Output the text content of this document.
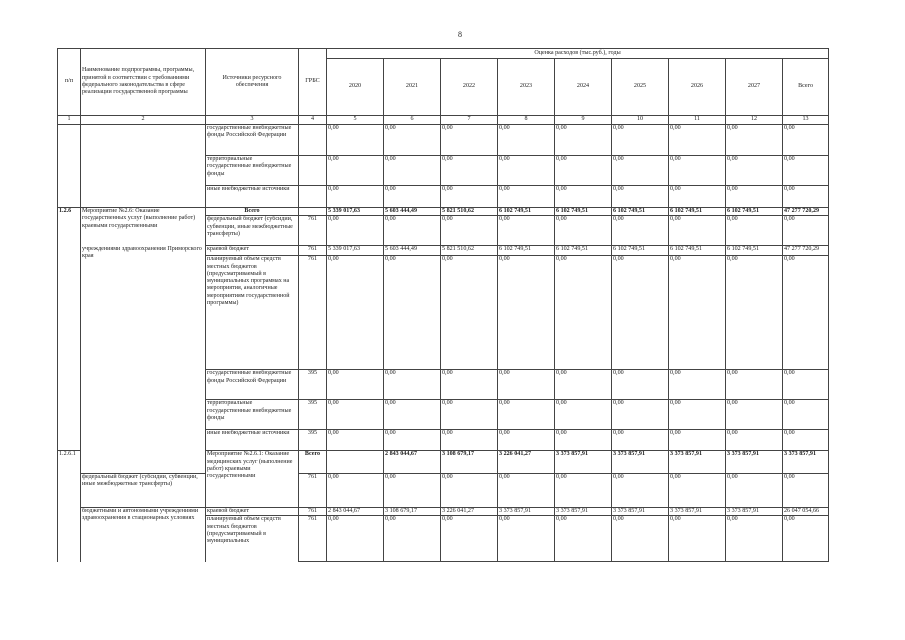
8
п/п	Наименование подпрограммы, программы, принятой в соответствии с требованиями федерального законодательства в сфере реализации государственной программы	Источники ресурсного обеспечения	ГРБС	Оценка расходов (тыс.руб.), годы									
				2020	2021	2022	2023	2024	2025	2026	2027	Всего	
1	2	3	4	5	6	7	8	9	10	11	12	13	
		государственные внебюджетные фонды Российской Федерации		0,00	0,00	0,00	0,00	0,00	0,00	0,00	0,00	0,00	
		территориальные государственные внебюджетные фонды		0,00	0,00	0,00	0,00	0,00	0,00	0,00	0,00	0,00	
		иные внебюджетные источники		0,00	0,00	0,00	0,00	0,00	0,00	0,00	0,00	0,00	
1.2.6	Мероприятие №2.6: Оказание государственных услуг (выполнение работ) краевыми государственными	Всего		5 339 017,63	5 603 444,49	5 821 510,62	6 102 749,51	6 102 749,51	6 102 749,51	6 102 749,51	6 102 749,51	47 277 720,29	
		федеральный бюджет (субсидии, субвенции, иные межбюджетные трансферты)	761	0,00	0,00	0,00	0,00	0,00	0,00	0,00	0,00	0,00	
	учреждениями здравоохранения Приморского края	краевой бюджет	761	5 339 017,63	5 603 444,49	5 821 510,62	6 102 749,51	6 102 749,51	6 102 749,51	6 102 749,51	6 102 749,51	47 277 720,29	
		планируемый объем средств местных бюджетов (предусматриваемый в муниципальных программах на мероприятия, аналогичные мероприятиям государственной программы)	761	0,00	0,00	0,00	0,00	0,00	0,00	0,00	0,00	0,00	
		государственные внебюджетные фонды Российской Федерации	395	0,00	0,00	0,00	0,00	0,00	0,00	0,00	0,00	0,00	
		территориальные государственные внебюджетные фонды	395	0,00	0,00	0,00	0,00	0,00	0,00	0,00	0,00	0,00	
		иные внебюджетные источники	395	0,00	0,00	0,00	0,00	0,00	0,00	0,00	0,00	0,00	
1.2.6.1		Мероприятие №2.6.1: Оказание медицинских услуг (выполнение работ) краевыми государственными	Всего		2 843 044,67	3 108 679,17	3 226 041,27	3 373 857,91	3 373 857,91	3 373 857,91	3 373 857,91	3 373 857,91	
	федеральный бюджет (субсидии, субвенции, иные межбюджетные трансферты)		761	0,00	0,00	0,00	0,00	0,00	0,00	0,00	0,00	0,00	
	бюджетными и автономными учреждениями здравоохранения в стационарных условиях	краевой бюджет	761	2 843 044,67	3 108 679,17	3 226 041,27	3 373 857,91	3 373 857,91	3 373 857,91	3 373 857,91	3 373 857,91	26 047 054,66	
		планируемый объем средств местных бюджетов (предусматриваемый в муниципальных	761	0,00	0,00	0,00	0,00	0,00	0,00	0,00	0,00	0,00	
